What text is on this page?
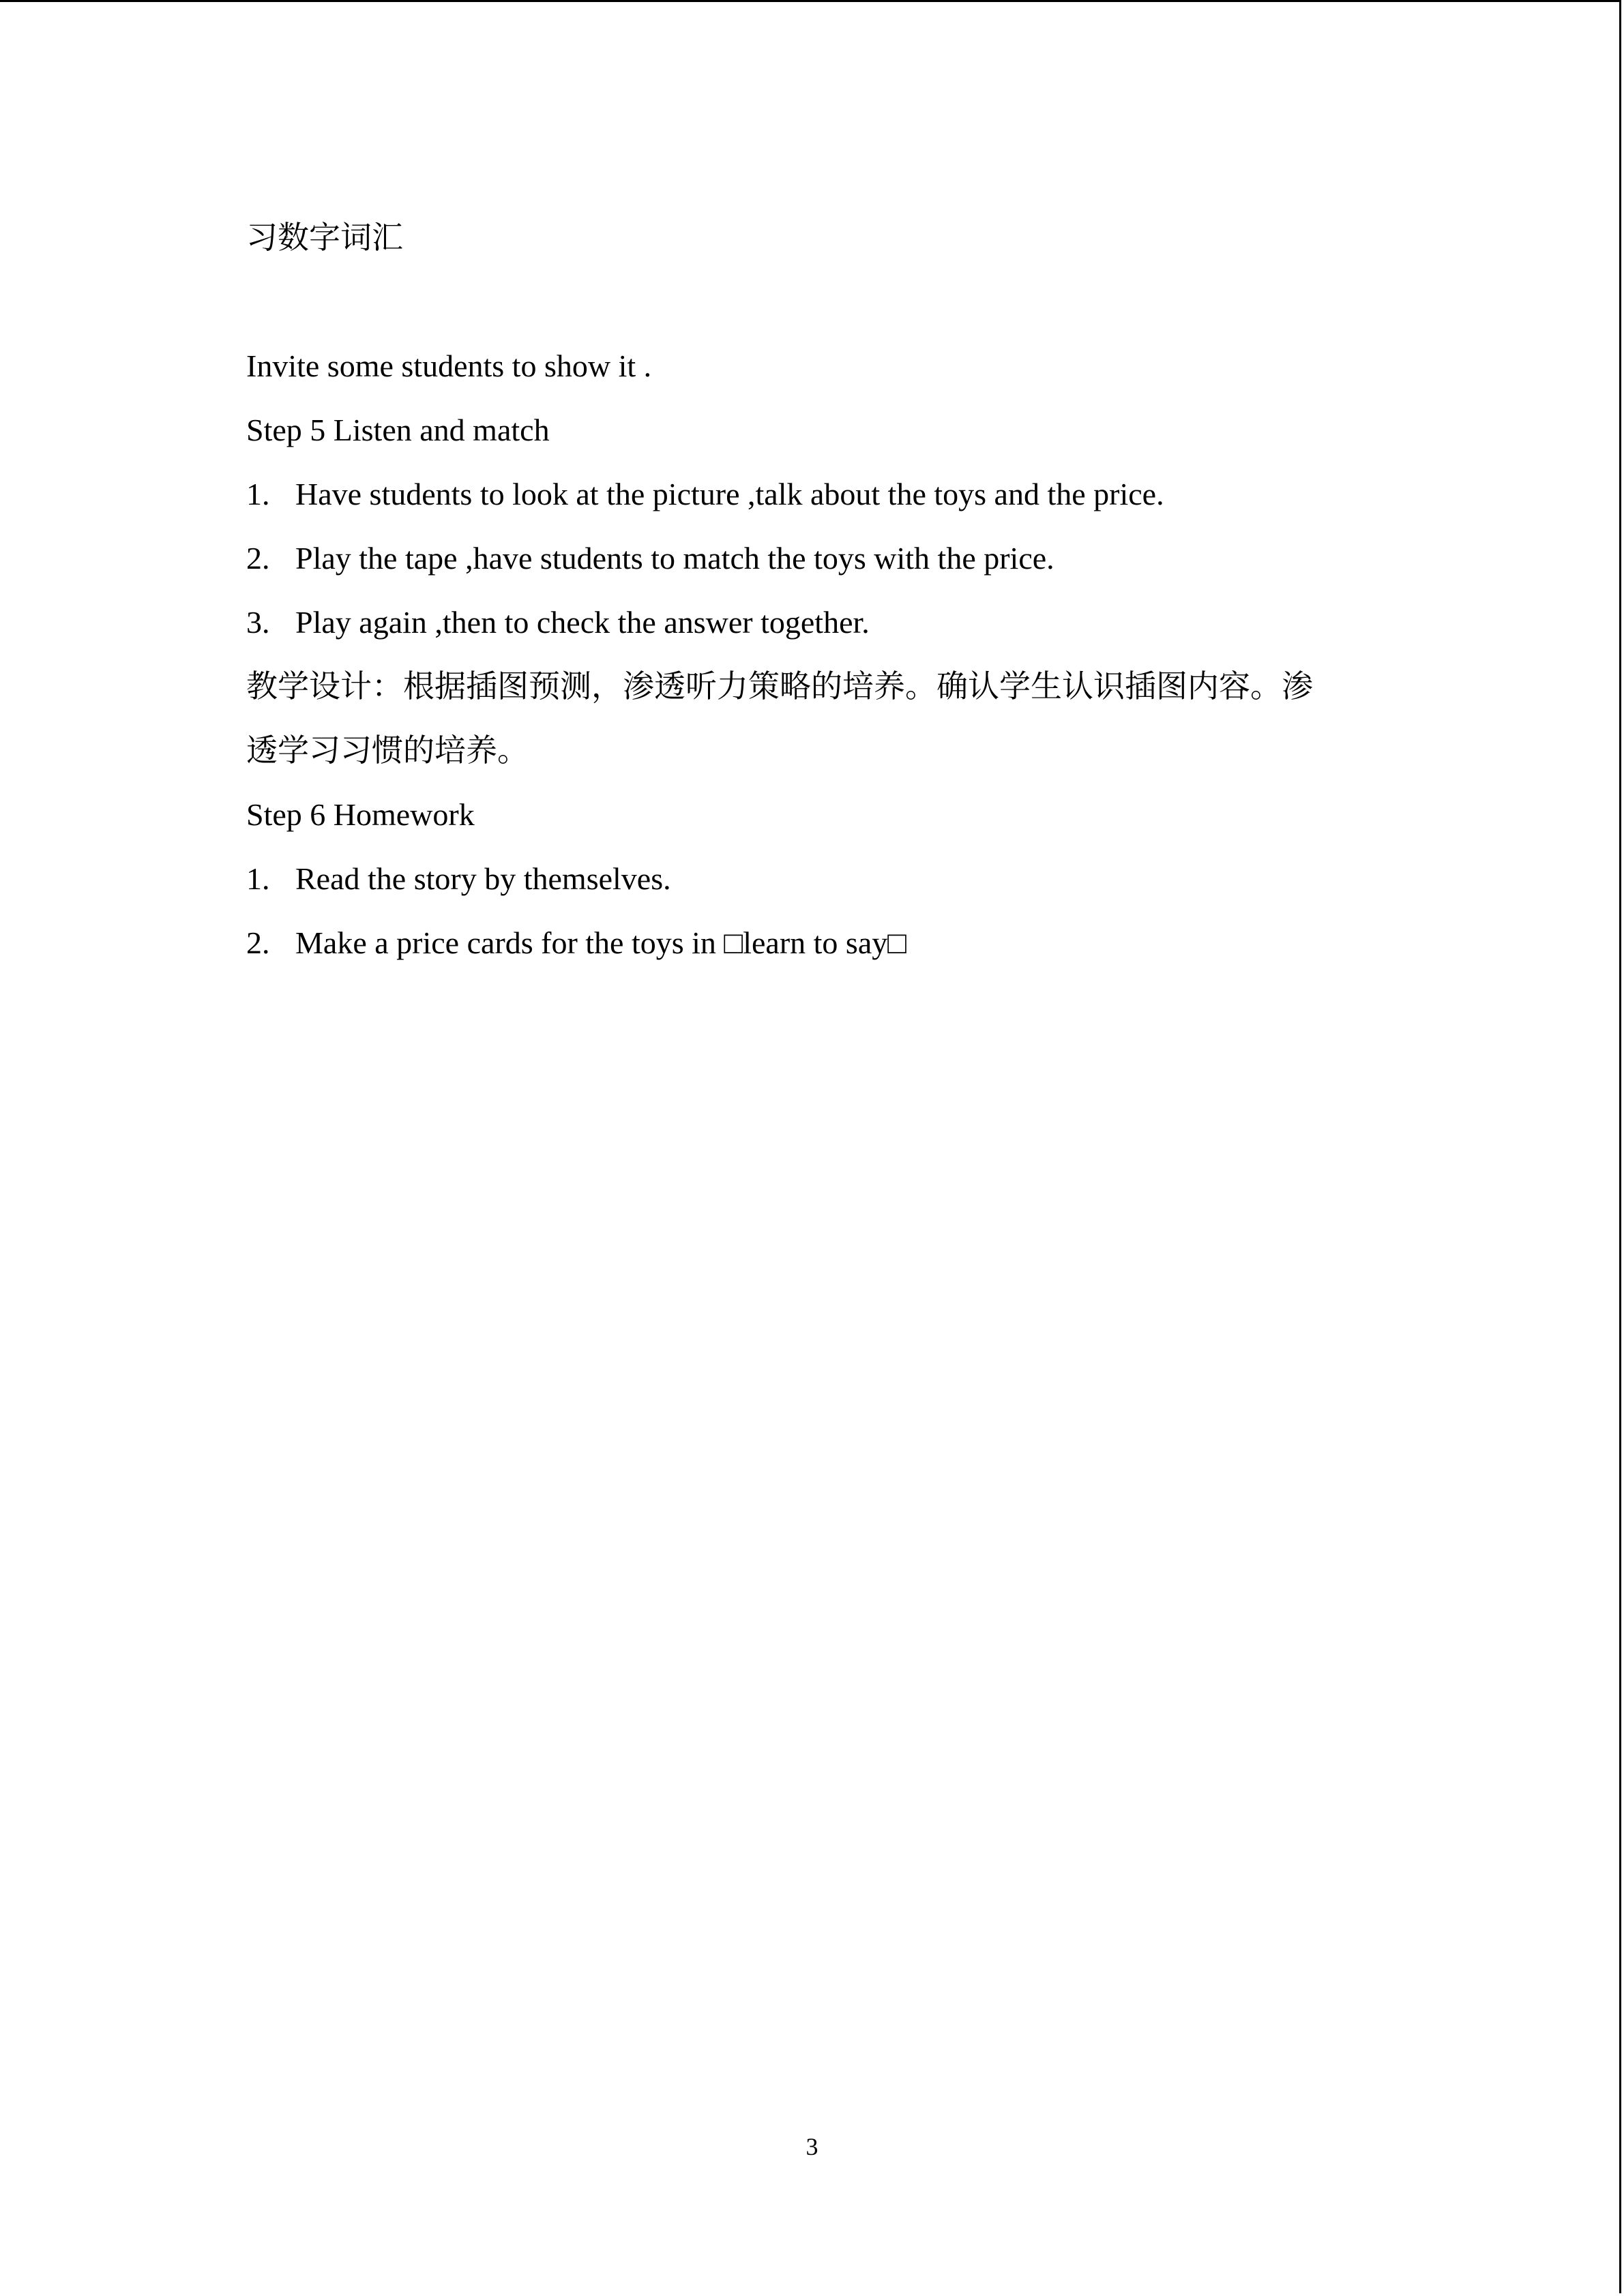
习数字词汇
Invite some students to show it .
Step 5 Listen and match
1. Have students to look at the picture ,talk about the toys and the price.
2. Play the tape ,have students to match the toys with the price.
3. Play again ,then to check the answer together.
教学设计：根据插图预测，渗透听力策略的培养。确认学生认识插图内容。渗
透学习习惯的培养。
Step 6 Homework
1. Read the story by themselves.
2. Make a price cards for the toys in □learn to say□
3
